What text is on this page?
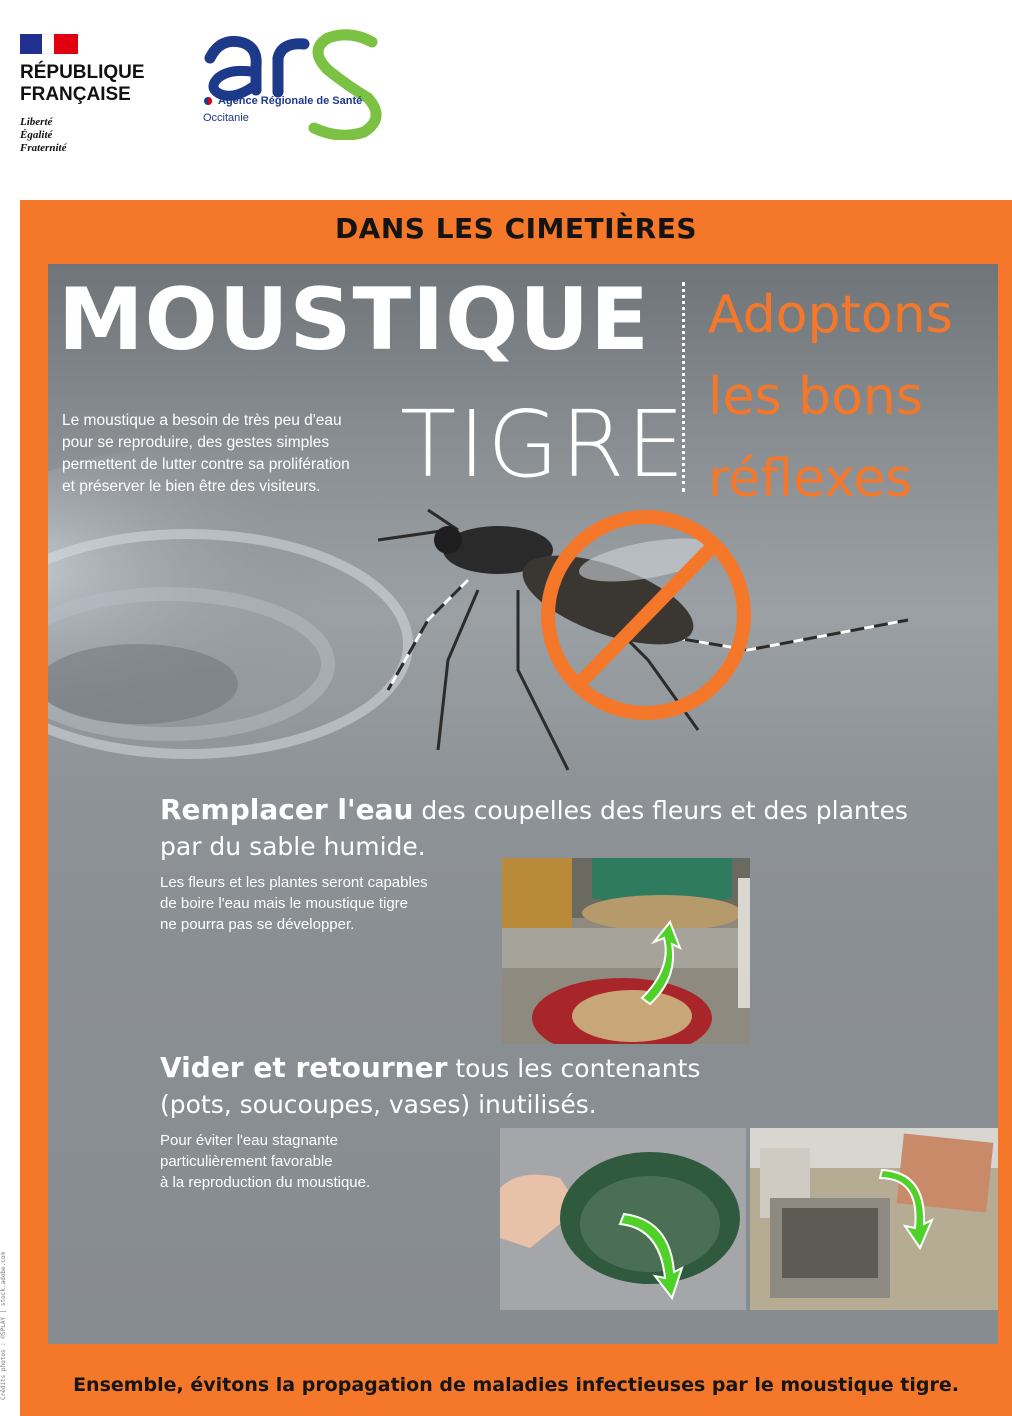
RÉPUBLIQUE
FRANÇAISE
Liberté
Égalité
Fraternité
Agence Régionale de Santé
Occitanie
DANS LES CIMETIÈRES
MOUSTIQUE
TIGRE
Adoptons
les bons
réflexes
Le moustique a besoin de très peu d'eau
pour se reproduire, des gestes simples
permettent de lutter contre sa prolifération
et préserver le bien être des visiteurs.
Remplacer l'eau des coupelles des fleurs et des plantes
par du sable humide.
Les fleurs et les plantes seront capables
de boire l'eau mais le moustique tigre
ne pourra pas se développer.
Vider et retourner tous les contenants
(pots, soucoupes, vases) inutilisés.
Pour éviter l'eau stagnante
particulièrement favorable
à la reproduction du moustique.
Ensemble, évitons la propagation de maladies infectieuses par le moustique tigre.
Crédits photos : ©SPLAY | stock.adobe.com
